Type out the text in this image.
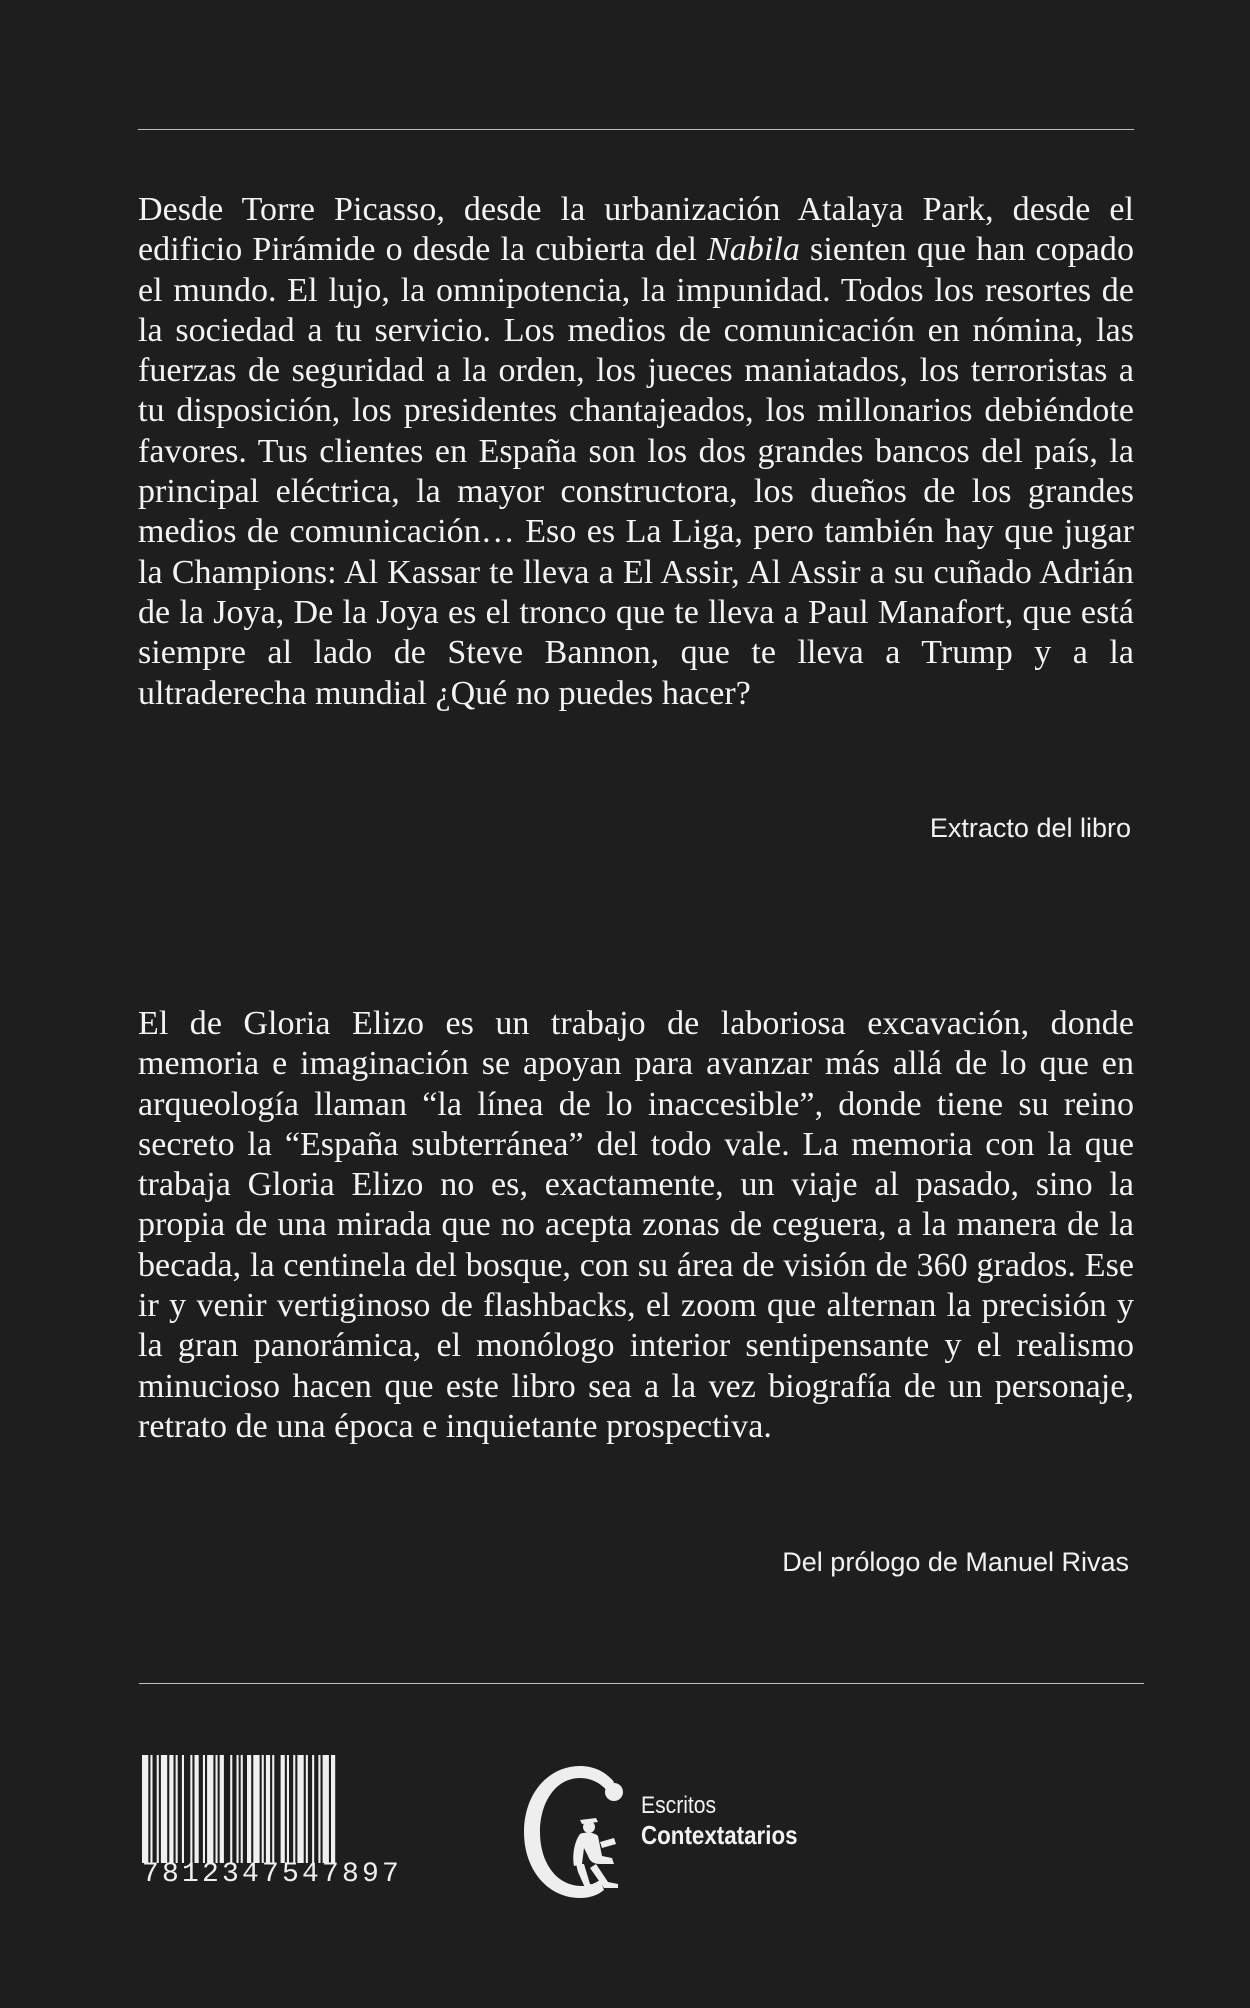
Desde Torre Picasso, desde la urbanización Atalaya Park, desde el edificio Pirámide o desde la cubierta del Nabila sienten que han copado el mundo. El lujo, la omnipotencia, la impunidad. Todos los resortes de la sociedad a tu servicio. Los medios de comunicación en nómina, las fuerzas de seguridad a la orden, los jueces maniatados, los terroristas a tu disposición, los presidentes chantajeados, los millonarios debiéndote favores. Tus clientes en España son los dos grandes bancos del país, la principal eléctrica, la mayor constructora, los dueños de los grandes medios de comunicación… Eso es La Liga, pero también hay que jugar la Champions: Al Kassar te lleva a El Assir, Al Assir a su cuñado Adrián de la Joya, De la Joya es el tronco que te lleva a Paul Manafort, que está siempre al lado de Steve Bannon, que te lleva a Trump y a la ultraderecha mundial ¿Qué no puedes hacer?

Extracto del libro

El de Gloria Elizo es un trabajo de laboriosa excavación, donde memoria e imaginación se apoyan para avanzar más allá de lo que en arqueología llaman “la línea de lo inaccesible”, donde tiene su reino secreto la “España subterránea” del todo vale. La memoria con la que trabaja Gloria Elizo no es, exactamente, un viaje al pasado, sino la propia de una mirada que no acepta zonas de ceguera, a la manera de la becada, la centinela del bosque, con su área de visión de 360 grados. Ese ir y venir vertiginoso de flashbacks, el zoom que alternan la precisión y la gran panorámica, el monólogo interior sentipensante y el realismo minucioso hacen que este libro sea a la vez biografía de un personaje, retrato de una época e inquietante prospectiva.

Del prólogo de Manuel Rivas
7812347547897
Escritos
Contextatarios
